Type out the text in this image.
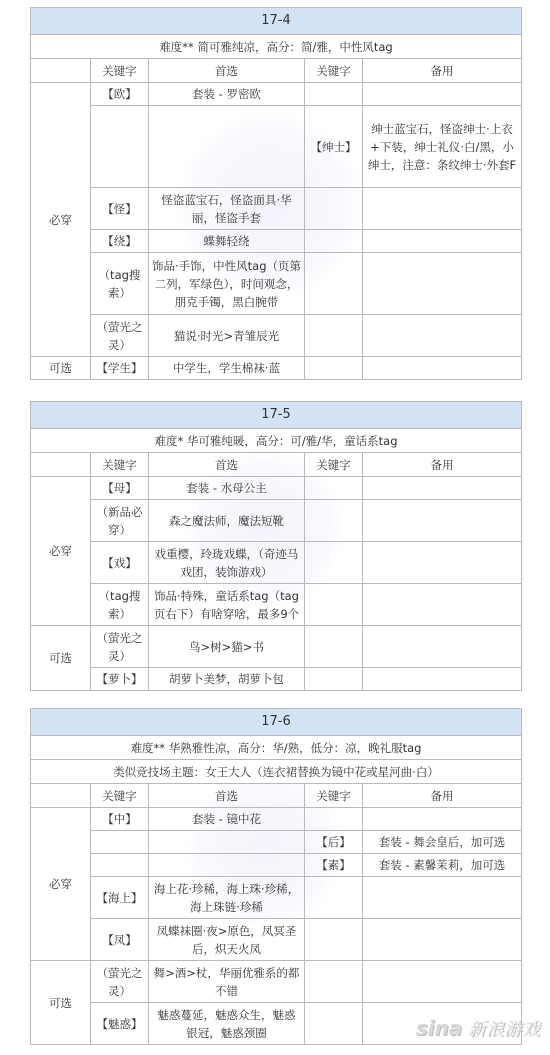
17-4				
难度** 简可雅纯凉，高分：简/雅，中性风tag				
	关键字	首选	关键字	备用
必穿	【欧】	套装 - 罗密欧		
			【绅士】	绅士蓝宝石，怪盗绅士·上衣+下装，绅士礼仪·白/黑，小绅士，注意：条纹绅士·外套F
	【怪】	怪盗蓝宝石，怪盗面具·华丽，怪盗手套		
	【绕】	蝶舞轻绕		
	（tag搜索）	饰品·手饰，中性风tag（页第二列，军绿色），时间观念，朋克手镯，黑白腕带		
	（萤光之灵）	猫说·时光>青雏辰光		
可选	【学生】	中学生，学生棉袜·蓝		
17-5				
难度* 华可雅纯暖，高分：可/雅/华，童话系tag				
	关键字	首选	关键字	备用
必穿	【母】	套装 - 水母公主		
	（新品必穿）	森之魔法师，魔法短靴		
	【戏】	戏重樱，玲珑戏蝶，（奇迹马戏团，装饰游戏）		
	（tag搜索）	饰品·特殊，童话系tag（tag页右下）有啥穿啥，最多9个		
可选	（萤光之灵）	鸟>树>猫>书		
	【萝卜】	胡萝卜美梦，胡萝卜包		
17-6				
难度** 华熟雅性凉，高分：华/熟，低分：凉，晚礼服tag				
类似竞技场主题：女王大人（连衣裙替换为镜中花或星河曲·白）				
	关键字	首选	关键字	备用
必穿	【中】	套装 - 镜中花		
			【后】	套装 - 舞会皇后，加可选
			【素】	套装 - 素馨茉莉，加可选
	【海上】	海上花·珍稀，海上珠·珍稀，海上珠链·珍稀		
	【凤】	凤蝶袜圈·夜>原色，凤冥圣后，炽天火凤		
可选	（萤光之灵）	舞>酒>杖，华丽优雅系的都不错		
	【魅惑】	魅惑蔓延，魅惑众生，魅惑银冠，魅惑颈圈			sina 新浪游戏
